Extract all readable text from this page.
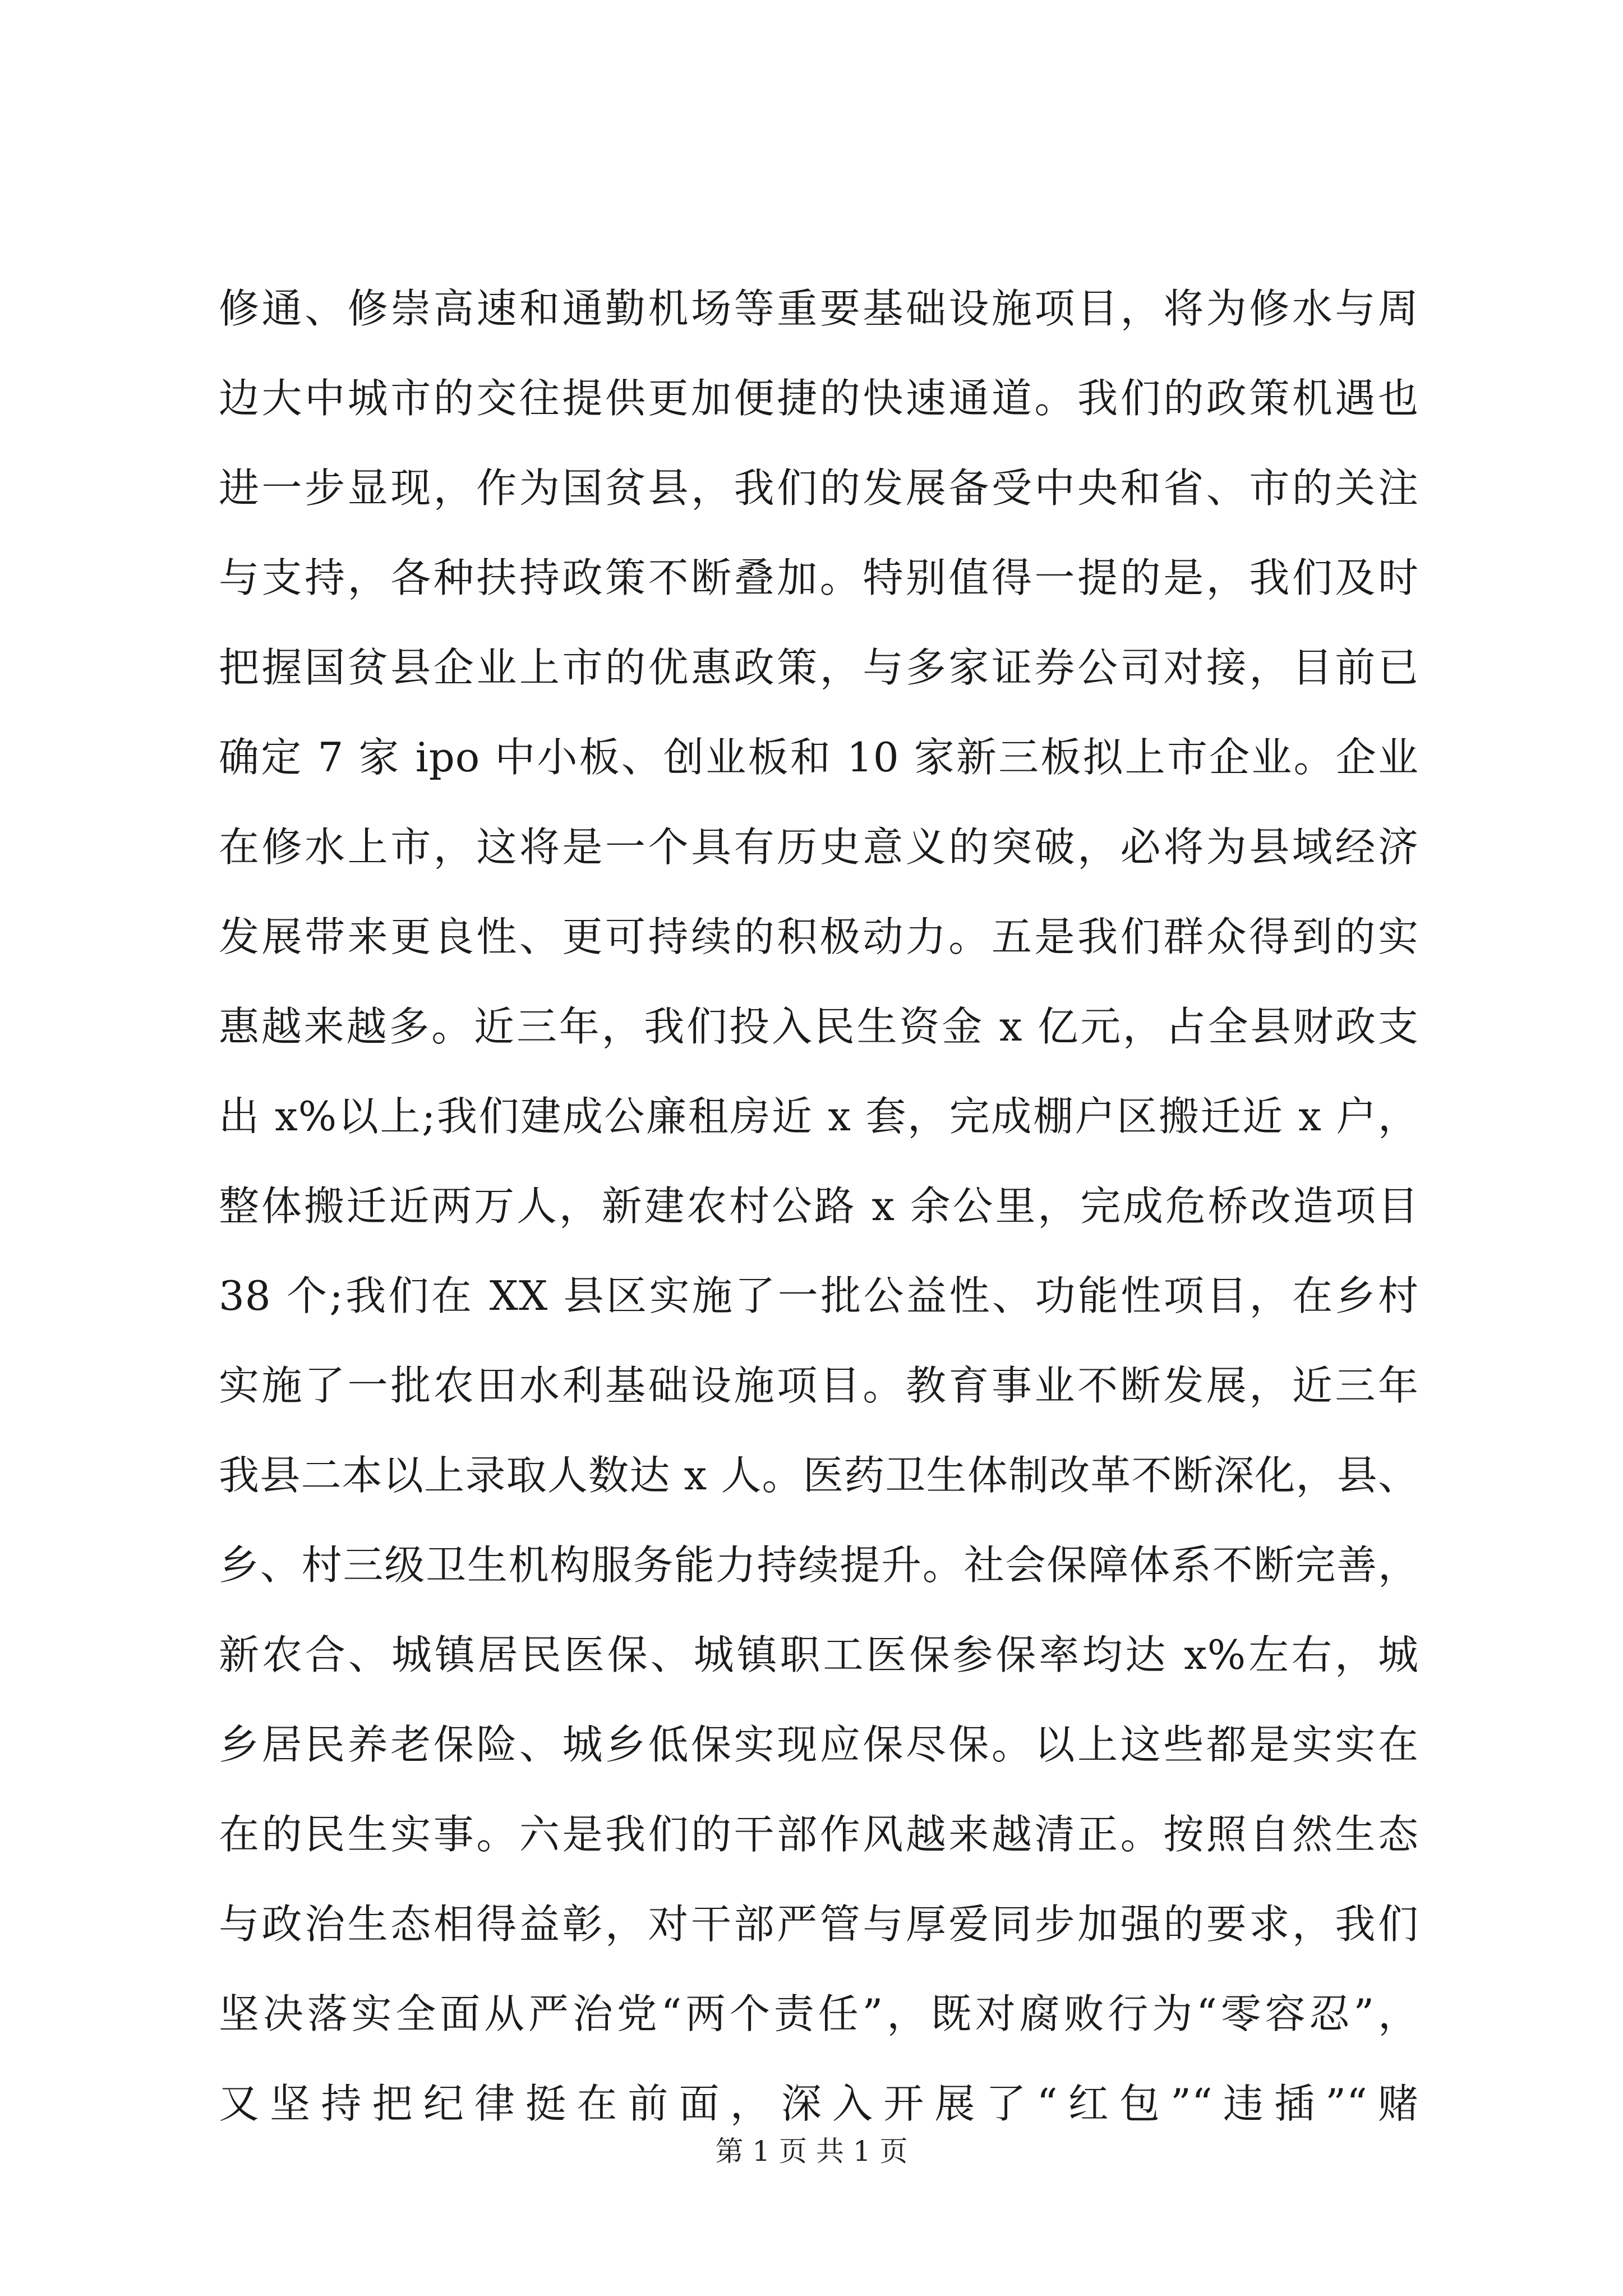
修通、修崇高速和通勤机场等重要基础设施项目，将为修水与周
边大中城市的交往提供更加便捷的快速通道。我们的政策机遇也
进一步显现，作为国贫县，我们的发展备受中央和省、市的关注
与支持，各种扶持政策不断叠加。特别值得一提的是，我们及时
把握国贫县企业上市的优惠政策，与多家证券公司对接，目前已
确定 7 家 ipo 中小板、创业板和 10 家新三板拟上市企业。企业
在修水上市，这将是一个具有历史意义的突破，必将为县域经济
发展带来更良性、更可持续的积极动力。五是我们群众得到的实
惠越来越多。近三年，我们投入民生资金 x 亿元，占全县财政支
出 x%以上;我们建成公廉租房近 x 套，完成棚户区搬迁近 x 户，
整体搬迁近两万人，新建农村公路 x 余公里，完成危桥改造项目
38 个;我们在 XX 县区实施了一批公益性、功能性项目，在乡村
实施了一批农田水利基础设施项目。教育事业不断发展，近三年
我县二本以上录取人数达 x 人。医药卫生体制改革不断深化，县、
乡、村三级卫生机构服务能力持续提升。社会保障体系不断完善，
新农合、城镇居民医保、城镇职工医保参保率均达 x%左右，城
乡居民养老保险、城乡低保实现应保尽保。以上这些都是实实在
在的民生实事。六是我们的干部作风越来越清正。按照自然生态
与政治生态相得益彰，对干部严管与厚爱同步加强的要求，我们
坚决落实全面从严治党“两个责任”，既对腐败行为“零容忍”，
又坚持把纪律挺在前面，深入开展了“红包”“违插”“赌
第 1 页 共 1 页
